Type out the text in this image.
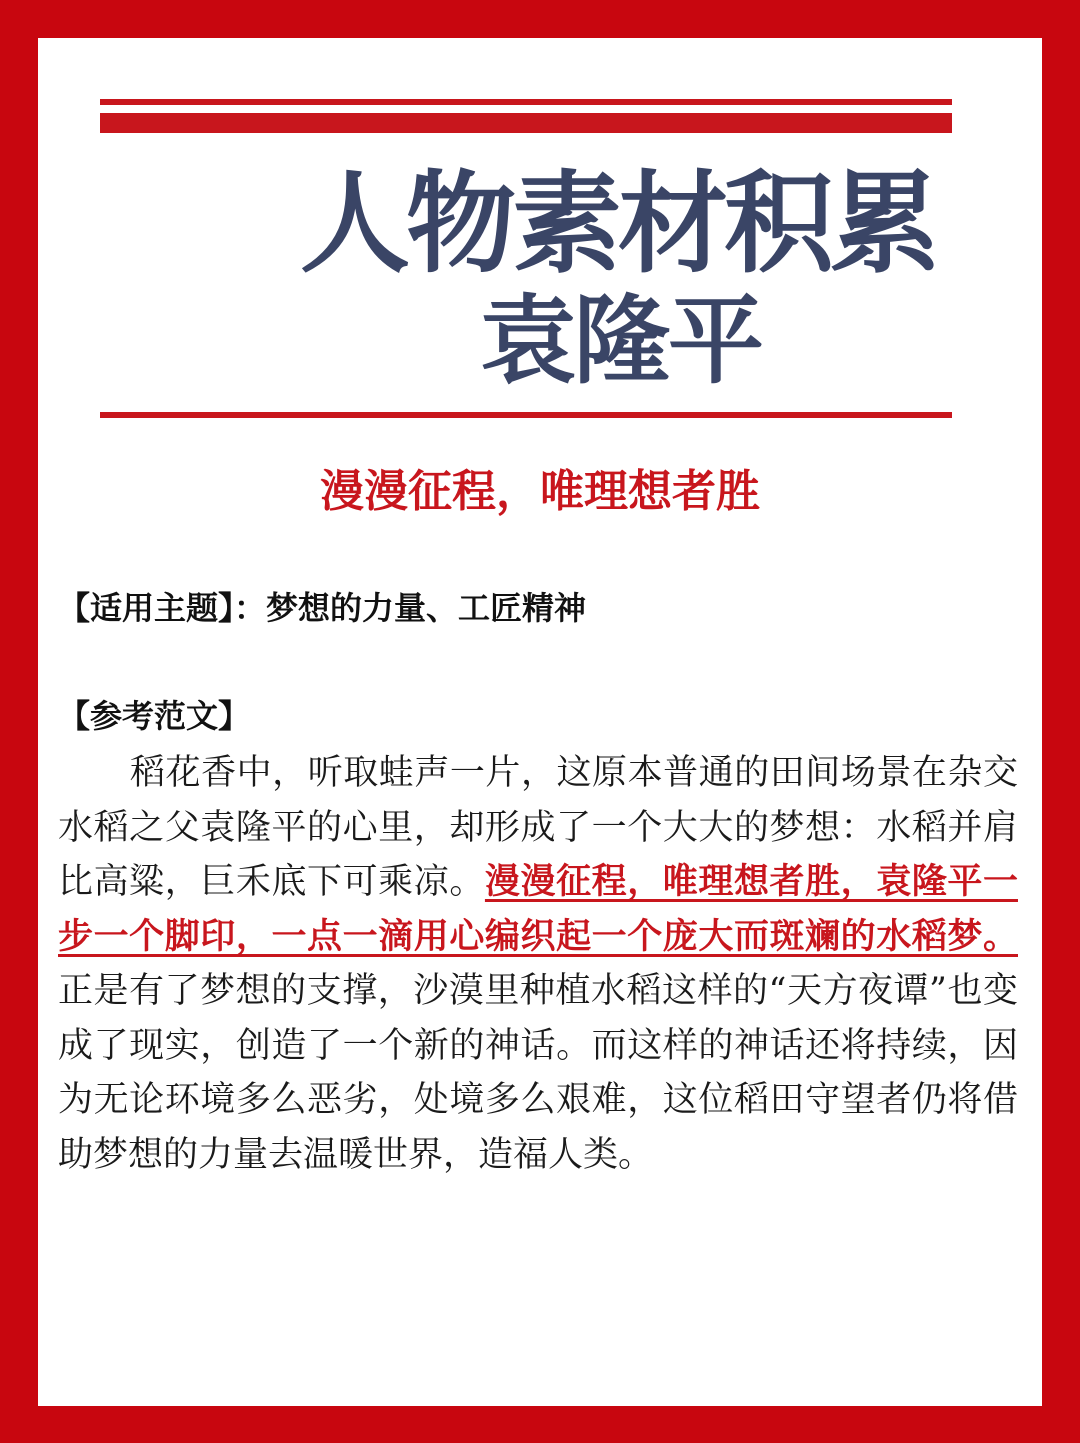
人物素材积累
袁隆平
漫漫征程，唯理想者胜
【适用主题】：梦想的力量、工匠精神
【参考范文】

稻花香中，听取蛙声一片，这原本普通的田间场景在杂交水稻之父袁隆平的心里，却形成了一个大大的梦想：水稻并肩比高粱，巨禾底下可乘凉。漫漫征程，唯理想者胜，袁隆平一步一个脚印，一点一滴用心编织起一个庞大而斑斓的水稻梦。正是有了梦想的支撑，沙漠里种植水稻这样的“天方夜谭”也变成了现实，创造了一个新的神话。而这样的神话还将持续，因为无论环境多么恶劣，处境多么艰难，这位稻田守望者仍将借助梦想的力量去温暖世界，造福人类。
